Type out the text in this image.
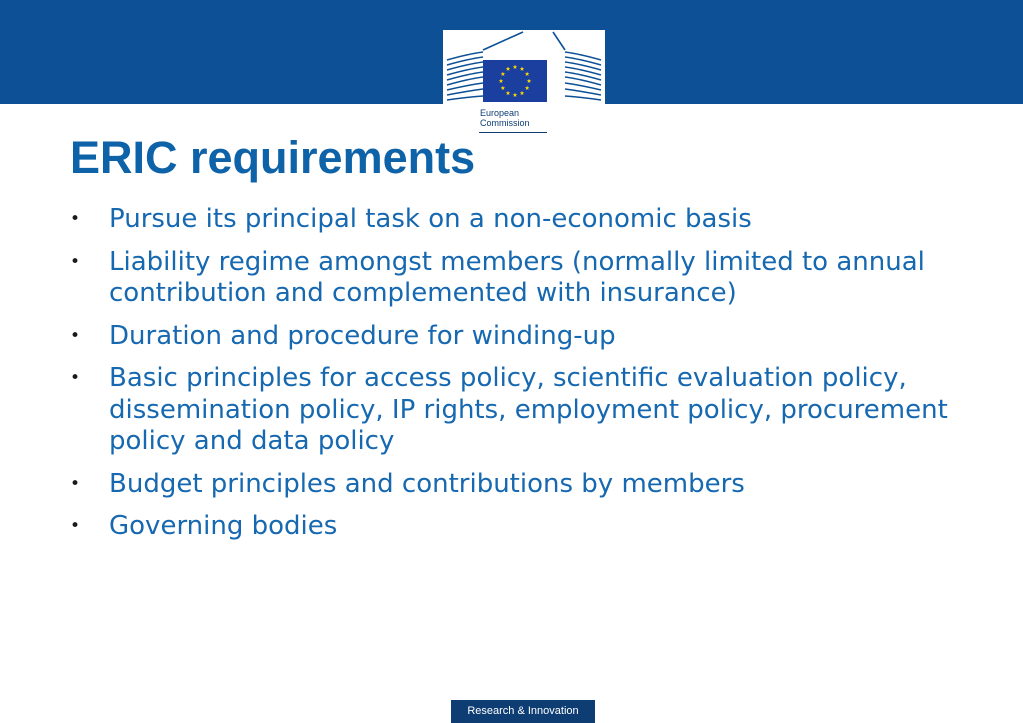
European
Commission
ERIC requirements
•	Pursue its principal task on a non-economic basis
•	Liability regime amongst members (normally limited to annual contribution and complemented with insurance)
•	Duration and procedure for winding-up
•	Basic principles for access policy, scientific evaluation policy, dissemination policy, IP rights, employment policy, procurement policy and data policy
•	Budget principles and contributions by members
•	Governing bodies
Research & Innovation
